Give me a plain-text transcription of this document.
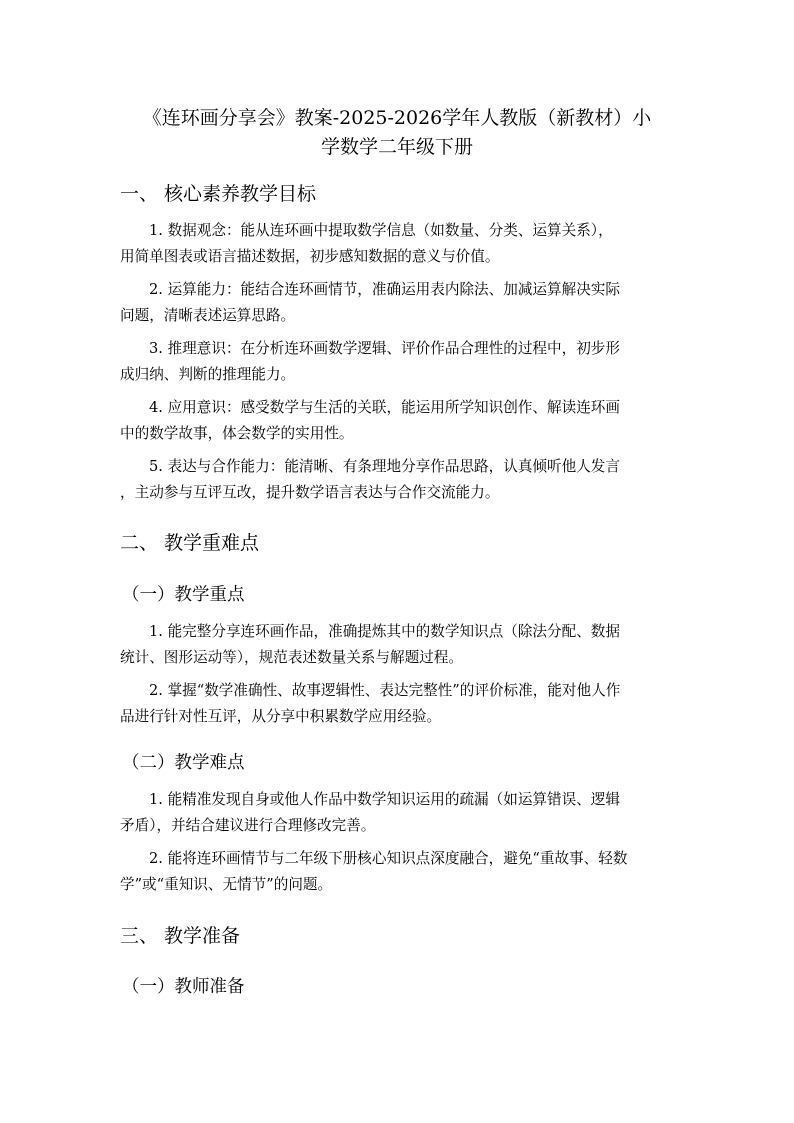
《连环画分享会》教案-2025-2026学年人教版（新教材）小
学数学二年级下册
一、 核心素养教学目标

1. 数据观念：能从连环画中提取数学信息（如数量、分类、运算关系），
用简单图表或语言描述数据，初步感知数据的意义与价值。

2. 运算能力：能结合连环画情节，准确运用表内除法、加减运算解决实际
问题，清晰表述运算思路。

3. 推理意识：在分析连环画数学逻辑、评价作品合理性的过程中，初步形
成归纳、判断的推理能力。

4. 应用意识：感受数学与生活的关联，能运用所学知识创作、解读连环画
中的数学故事，体会数学的实用性。

5. 表达与合作能力：能清晰、有条理地分享作品思路，认真倾听他人发言
，主动参与互评互改，提升数学语言表达与合作交流能力。

二、 教学重难点
（一）教学重点

1. 能完整分享连环画作品，准确提炼其中的数学知识点（除法分配、数据
统计、图形运动等），规范表述数量关系与解题过程。

2. 掌握“数学准确性、故事逻辑性、表达完整性”的评价标准，能对他人作
品进行针对性互评，从分享中积累数学应用经验。

（二）教学难点

1. 能精准发现自身或他人作品中数学知识运用的疏漏（如运算错误、逻辑
矛盾），并结合建议进行合理修改完善。

2. 能将连环画情节与二年级下册核心知识点深度融合，避免“重故事、轻数
学”或“重知识、无情节”的问题。

三、 教学准备
（一）教师准备
